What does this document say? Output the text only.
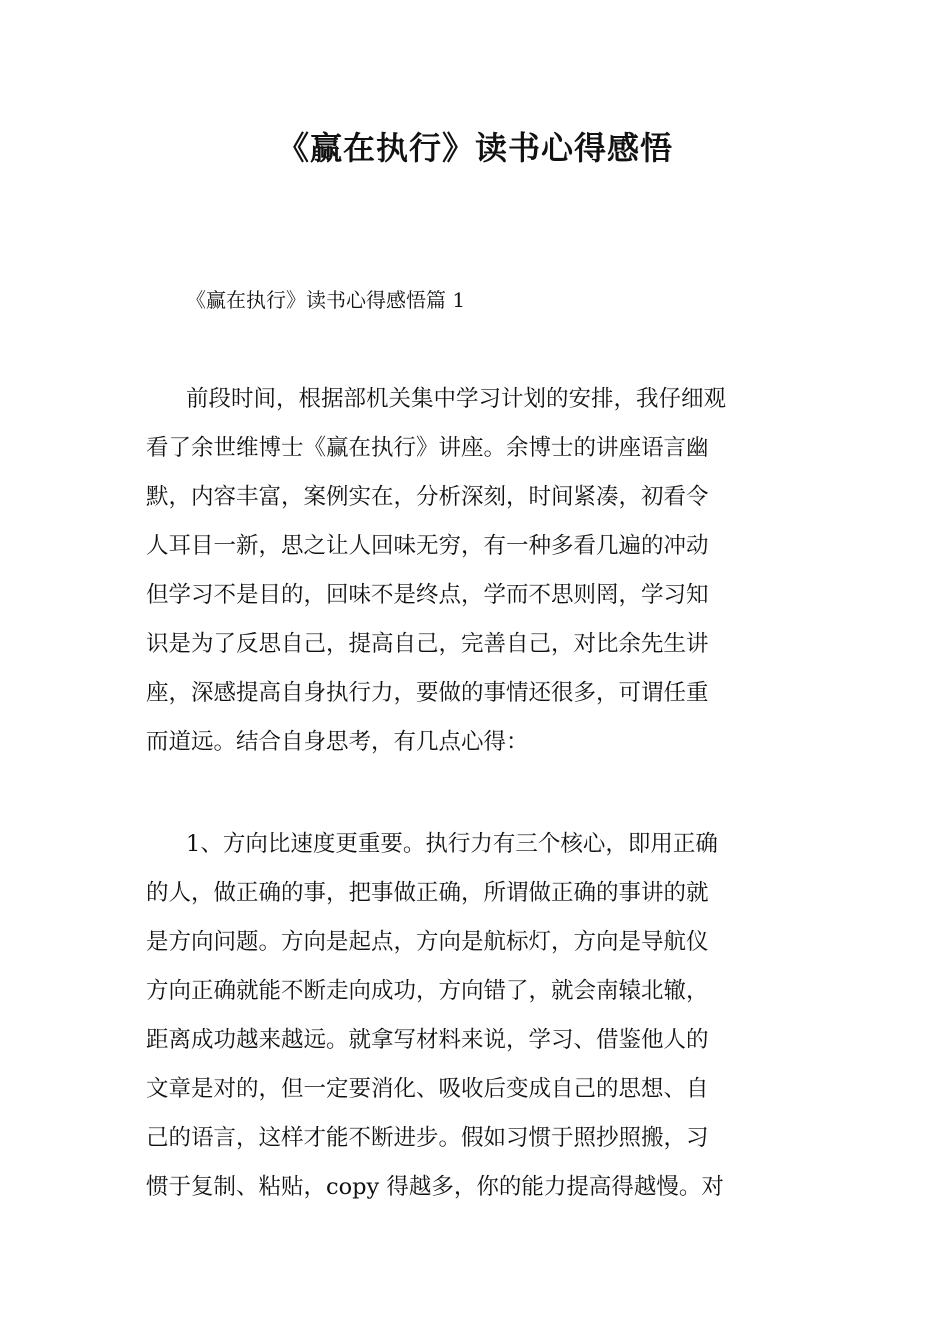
《赢在执行》读书心得感悟
《赢在执行》读书心得感悟篇 1
前段时间，根据部机关集中学习计划的安排，我仔细观
看了余世维博士《赢在执行》讲座。余博士的讲座语言幽
默，内容丰富，案例实在，分析深刻，时间紧凑，初看令
人耳目一新，思之让人回味无穷，有一种多看几遍的冲动
但学习不是目的，回味不是终点，学而不思则罔，学习知
识是为了反思自己，提高自己，完善自己，对比余先生讲
座，深感提高自身执行力，要做的事情还很多，可谓任重
而道远。结合自身思考，有几点心得：
1、方向比速度更重要。执行力有三个核心，即用正确
的人，做正确的事，把事做正确，所谓做正确的事讲的就
是方向问题。方向是起点，方向是航标灯，方向是导航仪
方向正确就能不断走向成功，方向错了，就会南辕北辙，
距离成功越来越远。就拿写材料来说，学习、借鉴他人的
文章是对的，但一定要消化、吸收后变成自己的思想、自
己的语言，这样才能不断进步。假如习惯于照抄照搬，习
惯于复制、粘贴，copy 得越多，你的能力提高得越慢。对
